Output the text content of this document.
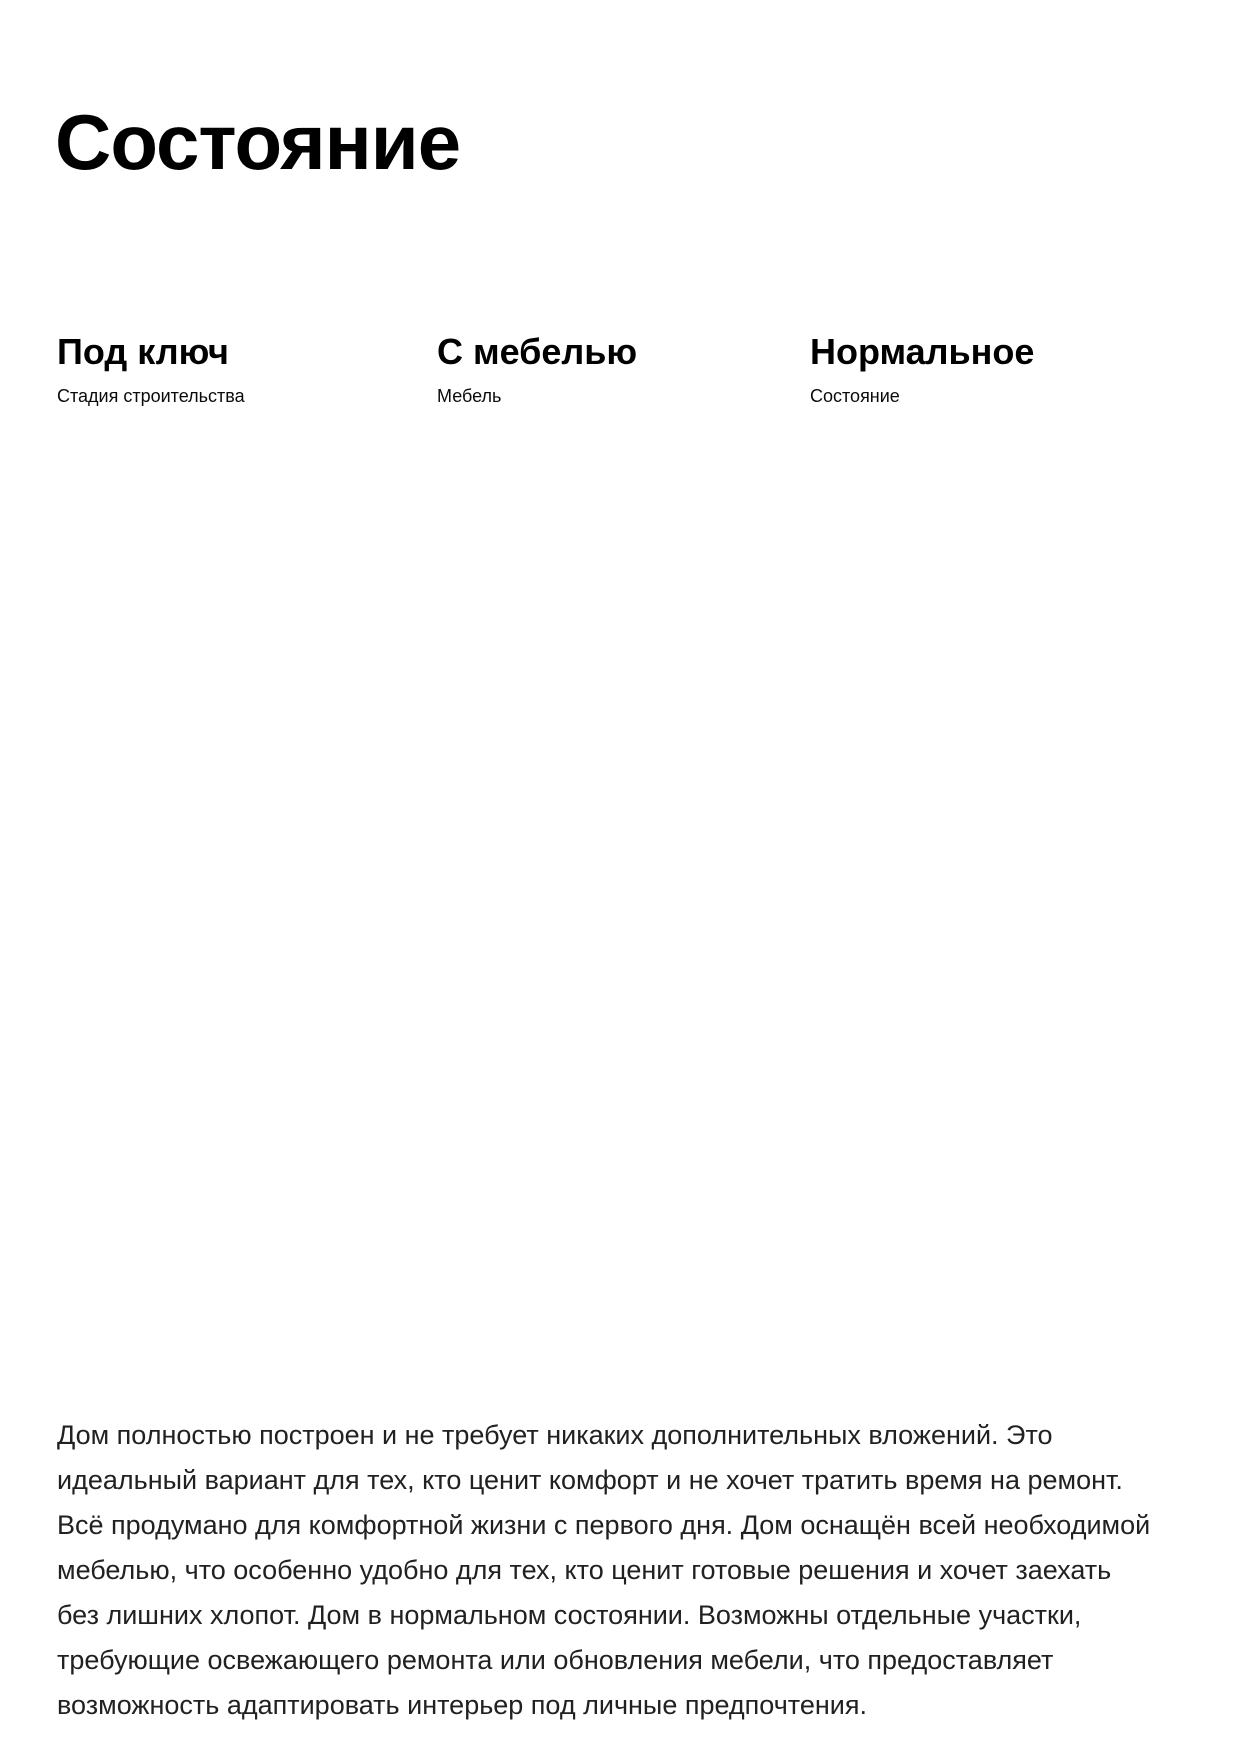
Состояние
Под ключ
Стадия строительства
С мебелью
Мебель
Нормальное
Состояние

Дом полностью построен и не требует никаких дополнительных вложений. Это идеальный вариант для тех, кто ценит комфорт и не хочет тратить время на ремонт. Всё продумано для комфортной жизни с первого дня. Дом оснащён всей необходимой мебелью, что особенно удобно для тех, кто ценит готовые решения и хочет заехать без лишних хлопот. Дом в нормальном состоянии. Возможны отдельные участки, требующие освежающего ремонта или обновления мебели, что предоставляет возможность адаптировать интерьер под личные предпочтения.
